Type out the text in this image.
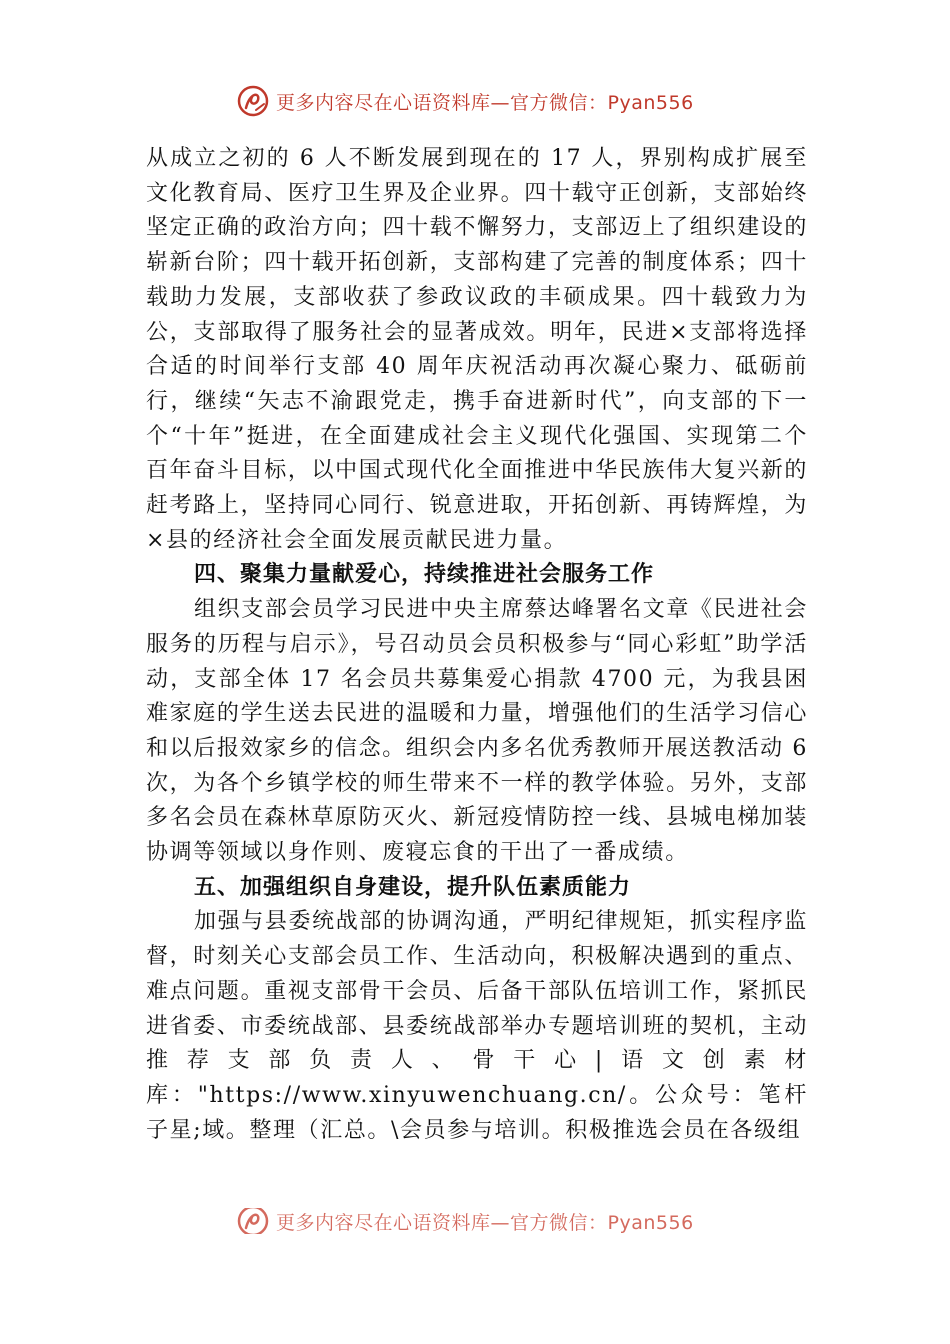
更多内容尽在心语资料库—官方微信：Pyan556

从成立之初的 6 人不断发展到现在的 17 人，界别构成扩展至文化教育局、医疗卫生界及企业界。四十载守正创新，支部始终坚定正确的政治方向；四十载不懈努力，支部迈上了组织建设的崭新台阶；四十载开拓创新，支部构建了完善的制度体系；四十载助力发展，支部收获了参政议政的丰硕成果。四十载致力为公，支部取得了服务社会的显著成效。明年，民进×支部将选择合适的时间举行支部 40 周年庆祝活动再次凝心聚力、砥砺前行，继续“矢志不渝跟党走，携手奋进新时代”，向支部的下一个“十年”挺进，在全面建成社会主义现代化强国、实现第二个百年奋斗目标，以中国式现代化全面推进中华民族伟大复兴新的赶考路上，坚持同心同行、锐意进取，开拓创新、再铸辉煌，为×县的经济社会全面发展贡献民进力量。

四、聚集力量献爱心，持续推进社会服务工作

组织支部会员学习民进中央主席蔡达峰署名文章《民进社会服务的历程与启示》，号召动员会员积极参与“同心彩虹”助学活动，支部全体 17 名会员共募集爱心捐款 4700 元，为我县困难家庭的学生送去民进的温暖和力量，增强他们的生活学习信心和以后报效家乡的信念。组织会内多名优秀教师开展送教活动 6 次，为各个乡镇学校的师生带来不一样的教学体验。另外，支部多名会员在森林草原防灭火、新冠疫情防控一线、县城电梯加装协调等领域以身作则、废寝忘食的干出了一番成绩。

五、加强组织自身建设，提升队伍素质能力

加强与县委统战部的协调沟通，严明纪律规矩，抓实程序监督，时刻关心支部会员工作、生活动向，积极解决遇到的重点、难点问题。重视支部骨干会员、后备干部队伍培训工作，紧抓民进省委、市委统战部、县委统战部举办专题培训班的契机，主动推荐支部负责人、骨干心|语文创素材库："https://www.xinyuwenchuang.cn/。公众号：笔杆子星;域。整理（汇总。\会员参与培训。积极推选会员在各级组

更多内容尽在心语资料库—官方微信：Pyan556
